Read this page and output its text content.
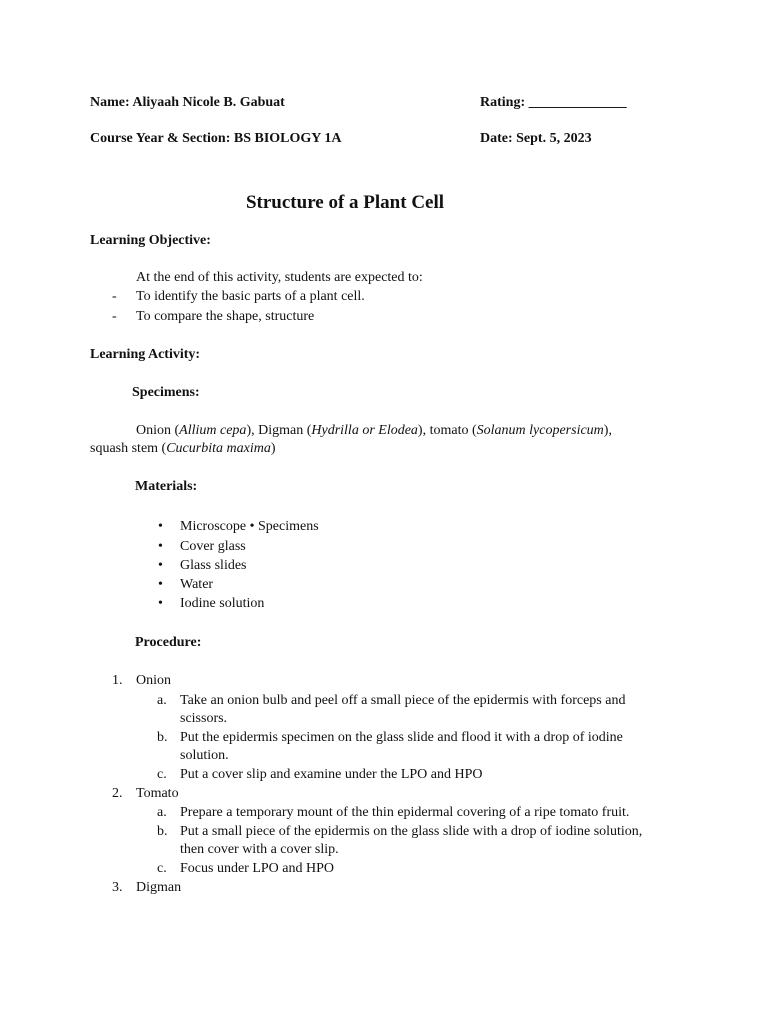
Name: Aliyaah Nicole B. Gabuat	Rating: ______________
Course Year & Section: BS BIOLOGY 1A	Date: Sept. 5, 2023
Structure of a Plant Cell
Learning Objective:
At the end of this activity, students are expected to:
- To identify the basic parts of a plant cell.
- To compare the shape, structure
Learning Activity:
Specimens:
Onion (Allium cepa), Digman (Hydrilla or Elodea), tomato (Solanum lycopersicum),
squash stem (Cucurbita maxima)
Materials:
• Microscope • Specimens
• Cover glass
• Glass slides
• Water
• Iodine solution
Procedure:
1. Onion
a. Take an onion bulb and peel off a small piece of the epidermis with forceps and
scissors.
b. Put the epidermis specimen on the glass slide and flood it with a drop of iodine
solution.
c. Put a cover slip and examine under the LPO and HPO
2. Tomato
a. Prepare a temporary mount of the thin epidermal covering of a ripe tomato fruit.
b. Put a small piece of the epidermis on the glass slide with a drop of iodine solution,
then cover with a cover slip.
c. Focus under LPO and HPO
3. Digman
